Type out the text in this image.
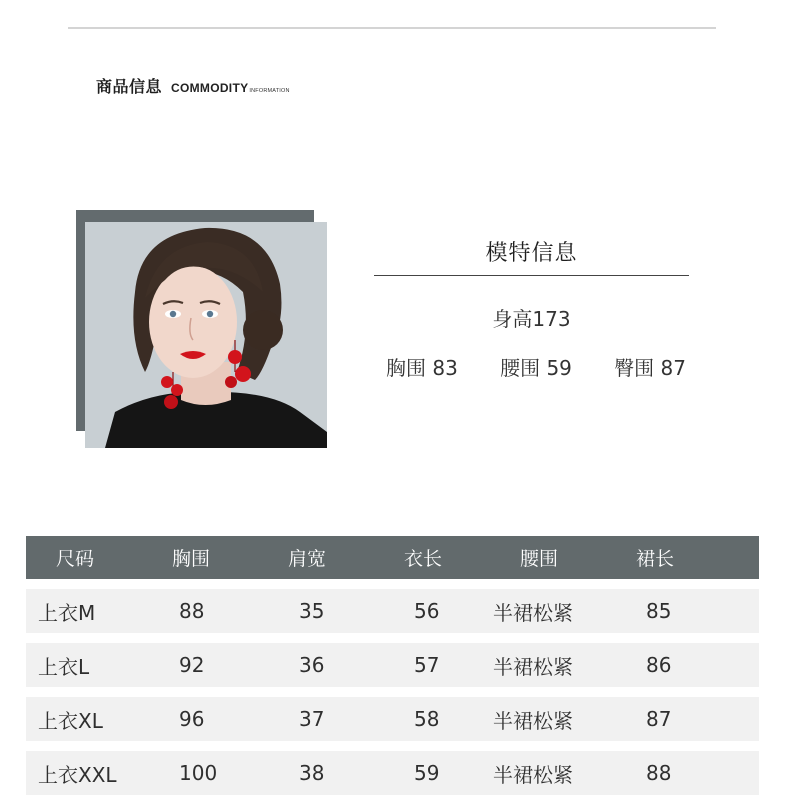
商品信息 COMMODITY INFORMATION
模特信息
身高173
胸围 83 腰围 59 臀围 87
尺码	胸围	肩宽	衣长	腰围	裙长
上衣M	88	35	56	半裙松紧	85
上衣L	92	36	57	半裙松紧	86
上衣XL	96	37	58	半裙松紧	87
上衣XXL	100	38	59	半裙松紧	88
